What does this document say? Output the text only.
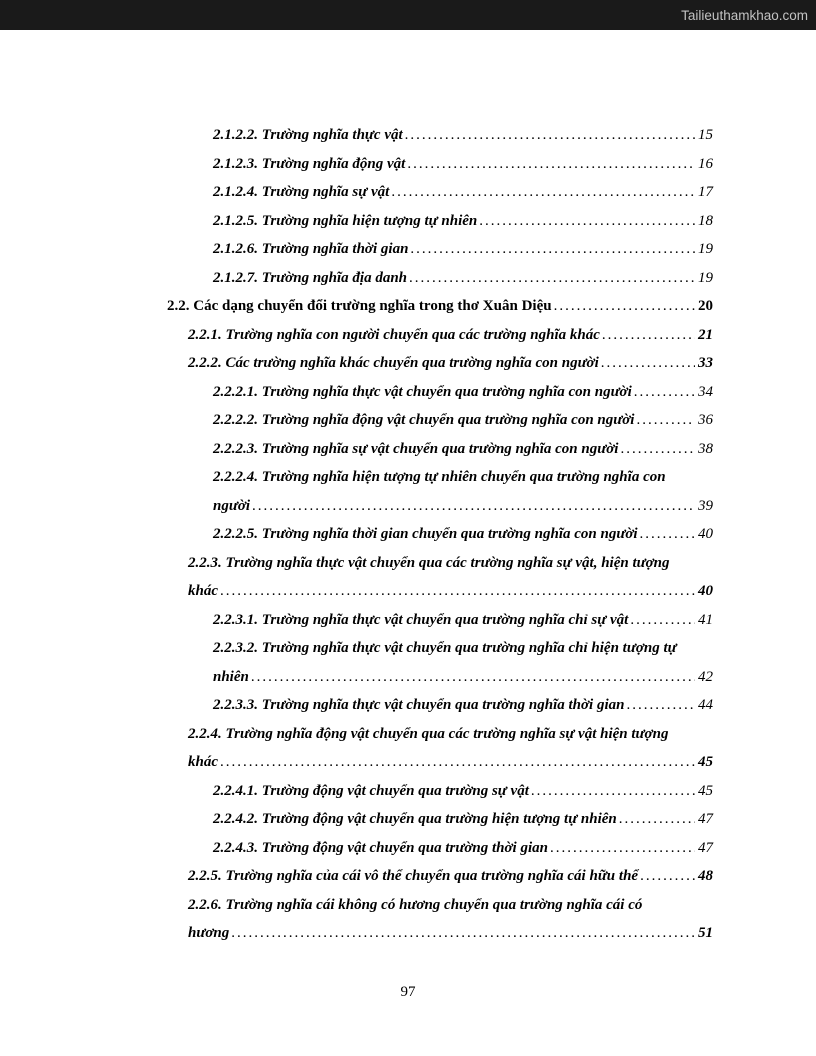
Tailieuthamkhao.com
2.1.2.2. Trường nghĩa thực vật .....	15
2.1.2.3. Trường nghĩa động vật .....	16
2.1.2.4. Trường nghĩa sự vật .....	17
2.1.2.5. Trường nghĩa hiện tượng tự nhiên .....	18
2.1.2.6. Trường nghĩa thời gian .....	19
2.1.2.7. Trường nghĩa địa danh .....	19
2.2. Các dạng chuyển đổi trường nghĩa trong thơ Xuân Diệu .....	20
2.2.1. Trường nghĩa con người chuyển qua các trường nghĩa khác .....	21
2.2.2. Các trường nghĩa khác chuyển qua trường nghĩa con người .....	33
2.2.2.1. Trường nghĩa thực vật chuyển qua trường nghĩa con người .....	34
2.2.2.2. Trường nghĩa động vật chuyển qua trường nghĩa con người .....	36
2.2.2.3. Trường nghĩa sự vật chuyển qua trường nghĩa con người .....	38
2.2.2.4. Trường nghĩa hiện tượng tự nhiên chuyển qua trường nghĩa con
người .....	39
2.2.2.5. Trường nghĩa thời gian chuyển qua trường nghĩa con người .....	40
2.2.3. Trường nghĩa thực vật chuyển qua các trường nghĩa sự vật, hiện tượng
khác .....	40
2.2.3.1. Trường nghĩa thực vật chuyển qua trường nghĩa chỉ sự vật .....	41
2.2.3.2. Trường nghĩa thực vật chuyển qua trường nghĩa chỉ hiện tượng tự
nhiên .....	42
2.2.3.3. Trường nghĩa thực vật chuyển qua trường nghĩa thời gian .....	44
2.2.4. Trường nghĩa động vật chuyển qua các trường nghĩa sự vật hiện tượng
khác .....	45
2.2.4.1. Trường động vật chuyển qua trường sự vật .....	45
2.2.4.2. Trường động vật chuyển qua trường hiện tượng tự nhiên .....	47
2.2.4.3. Trường động vật chuyển qua trường thời gian .....	47
2.2.5. Trường nghĩa của cái vô thể chuyển qua trường nghĩa cái hữu thể .....	48
2.2.6. Trường nghĩa cái không có hương chuyển qua trường nghĩa cái có
hương .....	51
97
